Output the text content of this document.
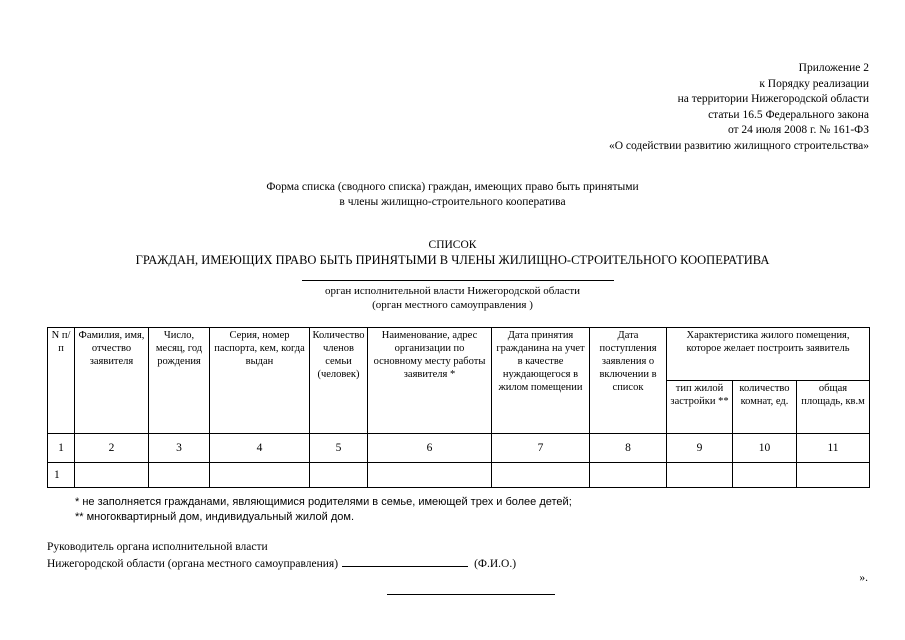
Приложение 2
к Порядку реализации
на территории Нижегородской области
статьи 16.5 Федерального закона
от 24 июля 2008 г. № 161-ФЗ
«О содействии развитию жилищного строительства»
Форма списка (сводного списка) граждан, имеющих право быть принятыми
в члены жилищно-строительного кооператива
СПИСОК
ГРАЖДАН, ИМЕЮЩИХ ПРАВО БЫТЬ ПРИНЯТЫМИ В ЧЛЕНЫ ЖИЛИЩНО-СТРОИТЕЛЬНОГО КООПЕРАТИВА
орган исполнительной власти Нижегородской области
(орган местного самоуправления )
N п/п	Фамилия, имя, отчество заявителя	Число, месяц, год рождения	Серия, номер паспорта, кем, когда выдан	Количество членов семьи (человек)	Наименование, адрес организации по основному месту работы заявителя *	Дата принятия гражданина на учет в качестве нуждающегося в жилом помещении	Дата поступления заявления о включении в список	Характеристика жилого помещения, которое желает построить заявитель		
								тип жилой застройки **	количество комнат, ед.	общая площадь, кв.м
1	2	3	4	5	6	7	8	9	10	11
1										
* не заполняется гражданами, являющимися родителями в семье, имеющей трех и более детей;
** многоквартирный дом, индивидуальный жилой дом.
Руководитель органа исполнительной власти
Нижегородской области (органа местного самоуправления)	(Ф.И.О.)
».
